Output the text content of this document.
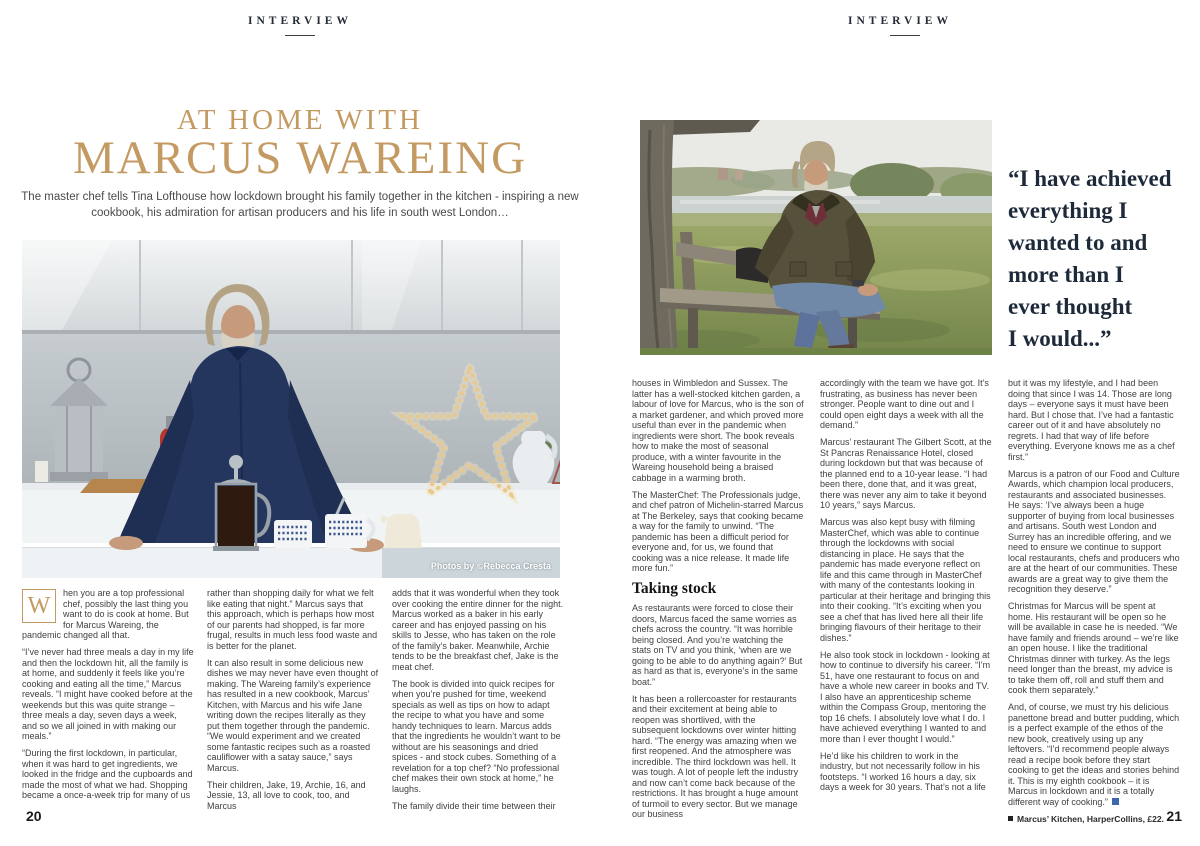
INTERVIEW
AT HOME WITH
MARCUS WAREING
The master chef tells Tina Lofthouse how lockdown brought his family together in the kitchen - inspiring a new cookbook, his admiration for artisan producers and his life in south west London…
Photos by ©Rebecca Cresta

W	hen you are a top professional chef, possibly the last thing you want to do is cook at home. But for Marcus Wareing, the pandemic changed all that.

“I’ve never had three meals a day in my life and then the lockdown hit, all the family is at home, and suddenly it feels like you’re cooking and eating all the time,” Marcus reveals. “I might have cooked before at the weekends but this was quite strange – three meals a day, seven days a week, and so we all joined in with making our meals.”

“During the first lockdown, in particular, when it was hard to get ingredients, we looked in the fridge and the cupboards and made the most of what we had. Shopping became a once-a-week trip for many of us

rather than shopping daily for what we felt like eating that night.” Marcus says that this approach, which is perhaps how most of our parents had shopped, is far more frugal, results in much less food waste and is better for the planet.

It can also result in some delicious new dishes we may never have even thought of making. The Wareing family’s experience has resulted in a new cookbook, Marcus’ Kitchen, with Marcus and his wife Jane writing down the recipes literally as they put them together through the pandemic. “We would experiment and we created some fantastic recipes such as a roasted cauliflower with a satay sauce,” says Marcus.

Their children, Jake, 19, Archie, 16, and Jessie, 13, all love to cook, too, and Marcus

adds that it was wonderful when they took over cooking the entire dinner for the night. Marcus worked as a baker in his early career and has enjoyed passing on his skills to Jesse, who has taken on the role of the family’s baker. Meanwhile, Archie tends to be the breakfast chef, Jake is the meat chef.

The book is divided into quick recipes for when you’re pushed for time, weekend specials as well as tips on how to adapt the recipe to what you have and some handy techniques to learn. Marcus adds that the ingredients he wouldn’t want to be without are his seasonings and dried spices - and stock cubes. Something of a revelation for a top chef? “No professional chef makes their own stock at home,” he laughs.

The family divide their time between their

20
INTERVIEW
“I have achieved
everything I
wanted to and
more than I
ever thought
I would...”

houses in Wimbledon and Sussex. The latter has a well-stocked kitchen garden, a labour of love for Marcus, who is the son of a market gardener, and which proved more useful than ever in the pandemic when ingredients were short. The book reveals how to make the most of seasonal produce, with a winter favourite in the Wareing household being a braised cabbage in a warming broth.

The MasterChef: The Professionals judge, and chef patron of Michelin-starred Marcus at The Berkeley, says that cooking became a way for the family to unwind. “The pandemic has been a difficult period for everyone and, for us, we found that cooking was a nice release. It made life more fun.”

Taking stock

As restaurants were forced to close their doors, Marcus faced the same worries as chefs across the country. “It was horrible being closed. And you’re watching the stats on TV and you think, ‘when are we going to be able to do anything again?’ But as hard as that is, everyone’s in the same boat.”

It has been a rollercoaster for restaurants and their excitement at being able to reopen was shortlived, with the subsequent lockdowns over winter hitting hard. “The energy was amazing when we first reopened. And the atmosphere was incredible. The third lockdown was hell. It was tough. A lot of people left the industry and now can’t come back because of the restrictions. It has brought a huge amount of turmoil to every sector. But we manage our business

accordingly with the team we have got. It’s frustrating, as business has never been stronger. People want to dine out and I could open eight days a week with all the demand.”

Marcus’ restaurant The Gilbert Scott, at the St Pancras Renaissance Hotel, closed during lockdown but that was because of the planned end to a 10-year lease. “I had been there, done that, and it was great, there was never any aim to take it beyond 10 years,” says Marcus.

Marcus was also kept busy with filming MasterChef, which was able to continue through the lockdowns with social distancing in place. He says that the pandemic has made everyone reflect on life and this came through in MasterChef with many of the contestants looking in particular at their heritage and bringing this into their cooking. “It’s exciting when you see a chef that has lived here all their life bringing flavours of their heritage to their dishes.”

He also took stock in lockdown - looking at how to continue to diversify his career. “I’m 51, have one restaurant to focus on and have a whole new career in books and TV. I also have an apprenticeship scheme within the Compass Group, mentoring the top 16 chefs. I absolutely love what I do. I have achieved everything I wanted to and more than I ever thought I would.”

He’d like his children to work in the industry, but not necessarily follow in his footsteps. “I worked 16 hours a day, six days a week for 30 years. That’s not a life

but it was my lifestyle, and I had been doing that since I was 14. Those are long days – everyone says it must have been hard. But I chose that. I’ve had a fantastic career out of it and have absolutely no regrets. I had that way of life before everything. Everyone knows me as a chef first.”

Marcus is a patron of our Food and Culture Awards, which champion local producers, restaurants and associated businesses. He says: ‘I’ve always been a huge supporter of buying from local businesses and artisans. South west London and Surrey has an incredible offering, and we need to ensure we continue to support local restaurants, chefs and producers who are at the heart of our communities. These awards are a great way to give them the recognition they deserve.”

Christmas for Marcus will be spent at home. His restaurant will be open so he will be available in case he is needed. “We have family and friends around – we’re like an open house. I like the traditional Christmas dinner with turkey. As the legs need longer than the breast, my advice is to take them off, roll and stuff them and cook them separately.”

And, of course, we must try his delicious panettone bread and butter pudding, which is a perfect example of the ethos of the new book, creatively using up any leftovers. “I’d recommend people always read a recipe book before they start cooking to get the ideas and stories behind it. This is my eighth cookbook – it is Marcus in lockdown and it is a totally different way of cooking.”

Marcus’ Kitchen, HarperCollins, £22. 21
